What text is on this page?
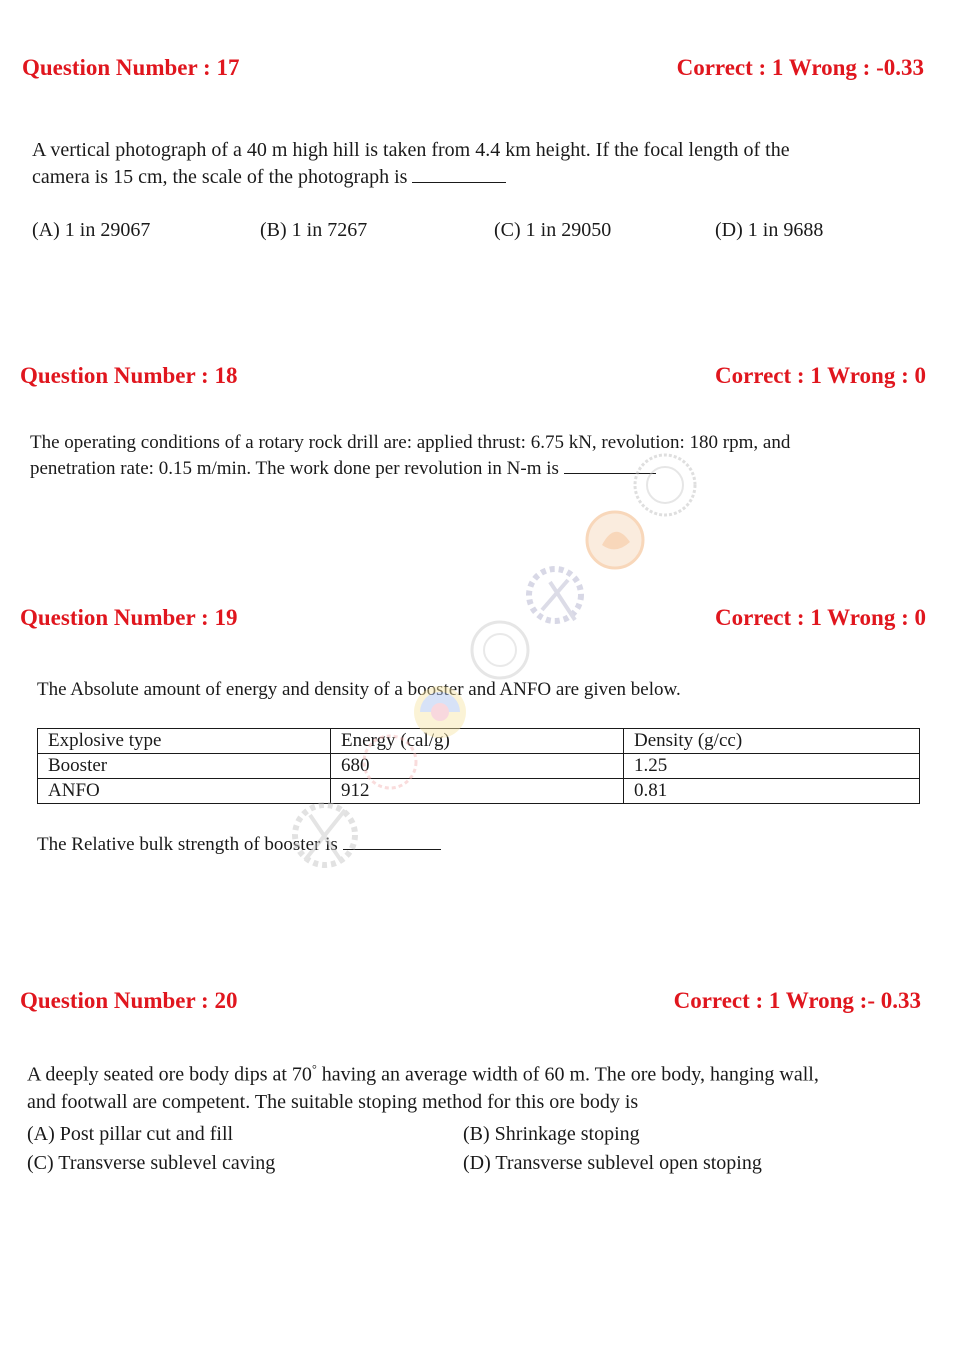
Question Number : 17	Correct : 1 Wrong : -0.33
A vertical photograph of a 40 m high hill is taken from 4.4 km height. If the focal length of the
camera is 15 cm, the scale of the photograph is
(A) 1 in 29067	(B) 1 in 7267	(C) 1 in 29050	(D) 1 in 9688
Question Number : 18	Correct : 1 Wrong : 0
The operating conditions of a rotary rock drill are: applied thrust: 6.75 kN, revolution: 180 rpm, and
penetration rate: 0.15 m/min. The work done per revolution in N-m is
Question Number : 19	Correct : 1 Wrong : 0
The Absolute amount of energy and density of a booster and ANFO are given below.
Explosive type	Energy (cal/g)	Density (g/cc)
Booster	680	1.25
ANFO	912	0.81
The Relative bulk strength of booster is
Question Number : 20	Correct : 1 Wrong :- 0.33
A deeply seated ore body dips at 70° having an average width of 60 m. The ore body, hanging wall,
and footwall are competent. The suitable stoping method for this ore body is
(A) Post pillar cut and fill	(B) Shrinkage stoping
(C) Transverse sublevel caving	(D) Transverse sublevel open stoping
